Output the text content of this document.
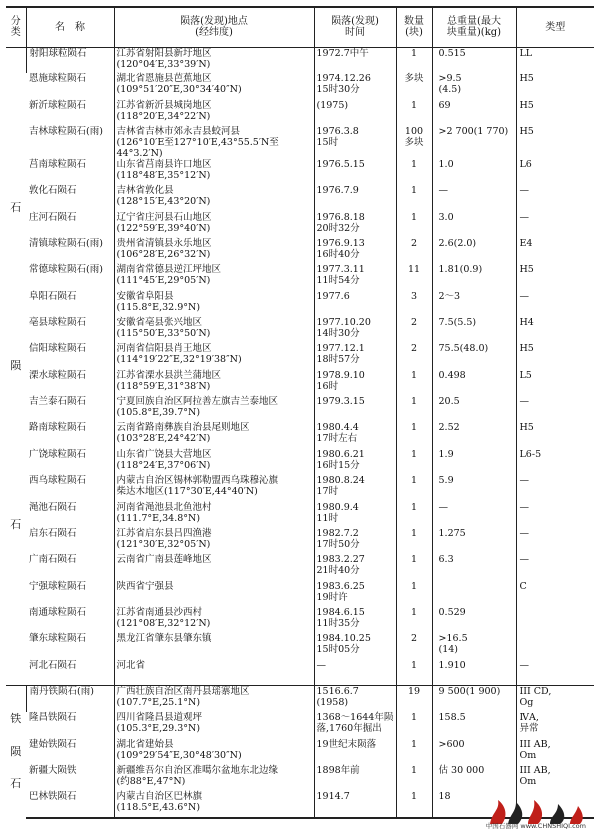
分类	名　称	陨落(发现)地点
(经纬度)	陨落(发现)
时间	数量
(块)	总重量(最大
块重量)(kg)	类型

石
陨
石	射阳球粒陨石	江苏省射阳县新圩地区
(120°04′E,33°39′N)	1972.7中午	1	0.515	LL
	恩施球粒陨石	湖北省恩施县芭蕉地区
(109°51′20″E,30°34′40″N)	1974.12.26
15时30分	多块	>9.5
(4.5)	H5
	新沂球粒陨石	江苏省新沂县城岗地区
(118°20′E,34°22′N)	(1975)	1	69	H5
	吉林球粒陨石(雨)	吉林省吉林市郊永吉县蛟河县
(126°10′E至127°10′E,43°55.5′N至44°3.2′N)	1976.3.8
15时	100
多块	>2 700(1 770)	H5
	莒南球粒陨石	山东省莒南县许口地区
(118°48′E,35°12′N)	1976.5.15	1	1.0	L6
	敦化石陨石	吉林省敦化县
(128°15′E,43°20′N)	1976.7.9	1	—	—
	庄河石陨石	辽宁省庄河县石山地区
(122°59′E,39°40′N)	1976.8.18
20时32分	1	3.0	—
	清镇球粒陨石(雨)	贵州省清镇县永乐地区
(106°28′E,26°32′N)	1976.9.13
16时40分	2	2.6(2.0)	E4
	常德球粒陨石(雨)	湖南省常德县逆江坪地区
(111°45′E,29°05′N)	1977.3.11
11时54分	11	1.81(0.9)	H5
	阜阳石陨石	安徽省阜阳县
(115.8°E,32.9°N)	1977.6	3	2～3	—
	亳县球粒陨石	安徽省亳县张兴地区
(115°50′E,33°50′N)	1977.10.20
14时30分	2	7.5(5.5)	H4
	信阳球粒陨石	河南省信阳县肖王地区
(114°19′22″E,32°19′38″N)	1977.12.1
18时57分	2	75.5(48.0)	H5
	溧水球粒陨石	江苏省溧水县洪兰蒲地区
(118°59′E,31°38′N)	1978.9.10
16时	1	0.498	L5
	吉兰泰石陨石	宁夏回族自治区阿拉善左旗吉兰泰地区
(105.8°E,39.7°N)	1979.3.15	1	20.5	—
	路南球粒陨石	云南省路南彝族自治县尾则地区
(103°28′E,24°42′N)	1980.4.4
17时左右	1	2.52	H5
	广饶球粒陨石	山东省广饶县大营地区
(118°24′E,37°06′N)	1980.6.21
16时15分	1	1.9	L6-5
	西乌球粒陨石	内蒙古自治区锡林郭勒盟西乌珠穆沁旗
柴达木地区(117°30′E,44°40′N)	1980.8.24
17时	1	5.9	—
	渑池石陨石	河南省渑池县北鱼池村
(111.7°E,34.8°N)	1980.9.4
11时	1	—	—
	启东石陨石	江苏省启东县吕四渔港
(121°30′E,32°05′N)	1982.7.2
17时50分	1	1.275	—
	广南石陨石	云南省广南县莲峰地区	1983.2.27
21时40分	1	6.3	—
	宁强球粒陨石	陕西省宁强县	1983.6.25
19时许	1		C
	南通球粒陨石	江苏省南通县沙西村
(121°08′E,32°12′N)	1984.6.15
11时35分	1	0.529	
	肇东球粒陨石	黑龙江省肇东县肇东镇	1984.10.25
15时05分	2	>16.5
(14)	
	河北石陨石	河北省	—	1	1.910	—

铁
陨
石	南丹铁陨石(雨)	广西壮族自治区南丹县瑶寨地区
(107.7°E,25.1°N)	1516.6.7
(1958)	19	9 500(1 900)	III CD,
Og
	隆昌铁陨石	四川省隆昌县道观坪
(105.3°E,29.3°N)	1368～1644年陨
落,1760年掘出	1	158.5	ⅣA,
异常
	建始铁陨石	湖北省建始县
(109°29′54″E,30°48′30″N)	19世纪末陨落	1	>600	III AB,
Om
	新疆大陨铁	新疆维吾尔自治区准噶尔盆地东北边缘
(约88°E,47°N)	1898年前	1	估 30 000	III AB,
Om
	巴林铁陨石	内蒙古自治区巴林旗
(118.5°E,43.6°N)	1914.7	1	18	
中国石器网 www.CHNSHIQI.com
